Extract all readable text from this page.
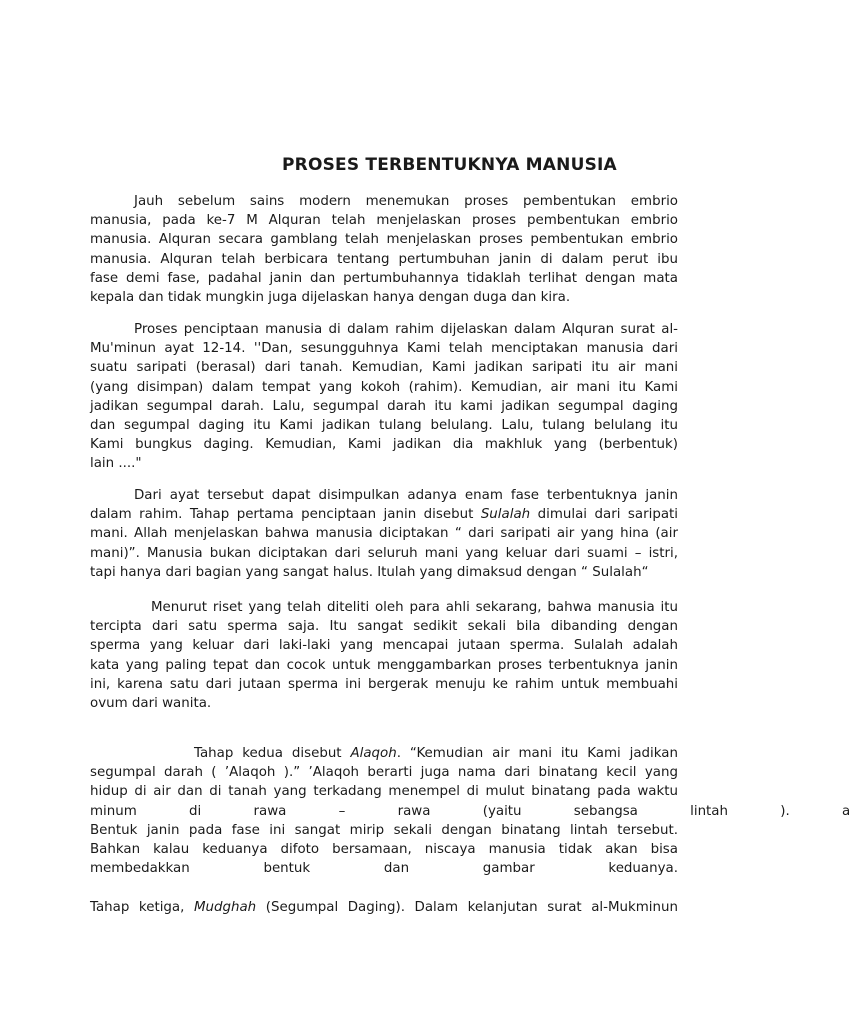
PROSES TERBENTUKNYA MANUSIA
Jauh sebelum sains modern menemukan proses pembentukan embrio
manusia, pada ke-7 M Alquran telah menjelaskan proses pembentukan embrio
manusia. Alquran secara gamblang telah menjelaskan proses pembentukan embrio
manusia. Alquran telah berbicara tentang pertumbuhan janin di dalam perut ibu
fase demi fase, padahal janin dan pertumbuhannya tidaklah terlihat dengan mata
kepala dan tidak mungkin juga dijelaskan hanya dengan duga dan kira.
Proses penciptaan manusia di dalam rahim dijelaskan dalam Alquran surat al-
Mu'minun ayat 12-14. ''Dan, sesungguhnya Kami telah menciptakan manusia dari
suatu saripati (berasal) dari tanah. Kemudian, Kami jadikan saripati itu air mani
(yang disimpan) dalam tempat yang kokoh (rahim). Kemudian, air mani itu Kami
jadikan segumpal darah. Lalu, segumpal darah itu kami jadikan segumpal daging
dan segumpal daging itu Kami jadikan tulang belulang. Lalu, tulang belulang itu
Kami bungkus daging. Kemudian, Kami jadikan dia makhluk yang (berbentuk)
lain ...."
Dari ayat tersebut dapat disimpulkan adanya enam fase terbentuknya janin
dalam rahim. Tahap pertama penciptaan janin disebut Sulalah dimulai dari saripati
mani. Allah menjelaskan bahwa manusia diciptakan “ dari saripati air yang hina (air
mani)”. Manusia bukan diciptakan dari seluruh mani yang keluar dari suami – istri,
tapi hanya dari bagian yang sangat halus. Itulah yang dimaksud dengan “ Sulalah“
Menurut riset yang telah diteliti oleh para ahli sekarang, bahwa manusia itu
tercipta dari satu sperma saja. Itu sangat sedikit sekali bila dibanding dengan
sperma yang keluar dari laki-laki yang mencapai jutaan sperma. Sulalah adalah
kata yang paling tepat dan cocok untuk menggambarkan proses terbentuknya janin
ini, karena satu dari jutaan sperma ini bergerak menuju ke rahim untuk membuahi
ovum dari wanita.
Tahap kedua disebut Alaqoh. “Kemudian air mani itu Kami jadikan
segumpal darah ( ’Alaqoh ).” ’Alaqoh berarti juga nama dari binatang kecil yang
hidup di air dan di tanah yang terkadang menempel di mulut binatang pada waktu
minum di rawa – rawa (yaitu sebangsa lintah ). a
Bentuk janin pada fase ini sangat mirip sekali dengan binatang lintah tersebut.
Bahkan kalau keduanya difoto bersamaan, niscaya manusia tidak akan bisa
membedakkan bentuk dan gambar keduanya.
Tahap ketiga, Mudghah (Segumpal Daging). Dalam kelanjutan surat al-Mukminun
